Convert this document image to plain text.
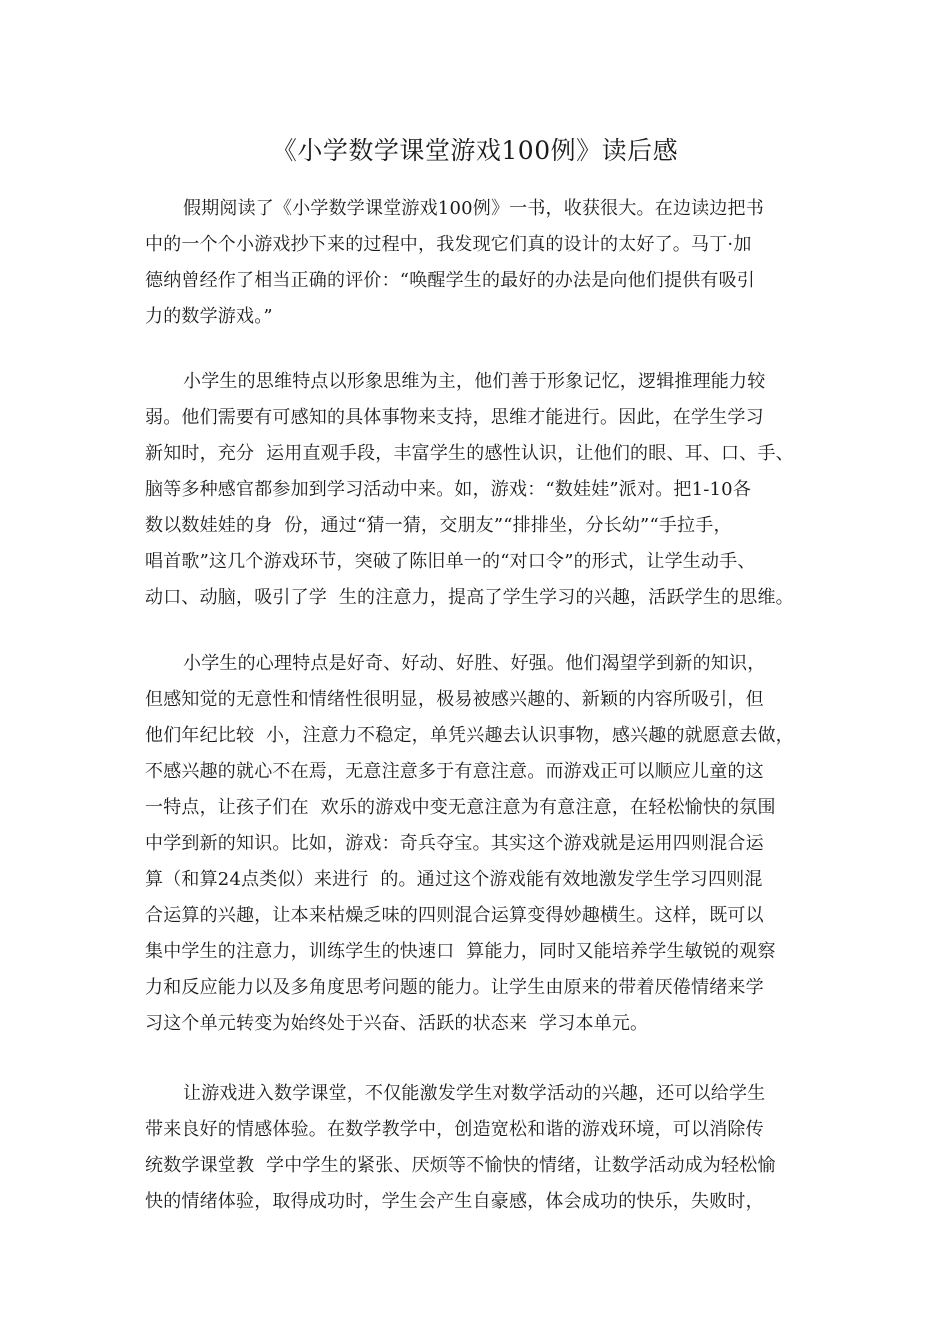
《小学数学课堂游戏100例》读后感
假期阅读了《小学数学课堂游戏100例》一书，收获很大。在边读边把书
中的一个个小游戏抄下来的过程中，我发现它们真的设计的太好了。马丁·加
德纳曾经作了相当正确的评价：“唤醒学生的最好的办法是向他们提供有吸引
力的数学游戏。”
小学生的思维特点以形象思维为主，他们善于形象记忆，逻辑推理能力较
弱。他们需要有可感知的具体事物来支持，思维才能进行。因此，在学生学习
新知时，充分  运用直观手段，丰富学生的感性认识，让他们的眼、耳、口、手、
脑等多种感官都参加到学习活动中来。如，游戏：“数娃娃”派对。把1-10各
数以数娃娃的身  份，通过“猜一猜，交朋友”“排排坐，分长幼”“手拉手，
唱首歌”这几个游戏环节，突破了陈旧单一的“对口令”的形式，让学生动手、
动口、动脑，吸引了学  生的注意力，提高了学生学习的兴趣，活跃学生的思维。
小学生的心理特点是好奇、好动、好胜、好强。他们渴望学到新的知识，
但感知觉的无意性和情绪性很明显，极易被感兴趣的、新颖的内容所吸引，但
他们年纪比较  小，注意力不稳定，单凭兴趣去认识事物，感兴趣的就愿意去做，
不感兴趣的就心不在焉，无意注意多于有意注意。而游戏正可以顺应儿童的这
一特点，让孩子们在  欢乐的游戏中变无意注意为有意注意，在轻松愉快的氛围
中学到新的知识。比如，游戏：奇兵夺宝。其实这个游戏就是运用四则混合运
算（和算24点类似）来进行  的。通过这个游戏能有效地激发学生学习四则混
合运算的兴趣，让本来枯燥乏味的四则混合运算变得妙趣横生。这样，既可以
集中学生的注意力，训练学生的快速口  算能力，同时又能培养学生敏锐的观察
力和反应能力以及多角度思考问题的能力。让学生由原来的带着厌倦情绪来学
习这个单元转变为始终处于兴奋、活跃的状态来  学习本单元。
让游戏进入数学课堂，不仅能激发学生对数学活动的兴趣，还可以给学生
带来良好的情感体验。在数学教学中，创造宽松和谐的游戏环境，可以消除传
统数学课堂教  学中学生的紧张、厌烦等不愉快的情绪，让数学活动成为轻松愉
快的情绪体验，取得成功时，学生会产生自豪感，体会成功的快乐，失败时，
